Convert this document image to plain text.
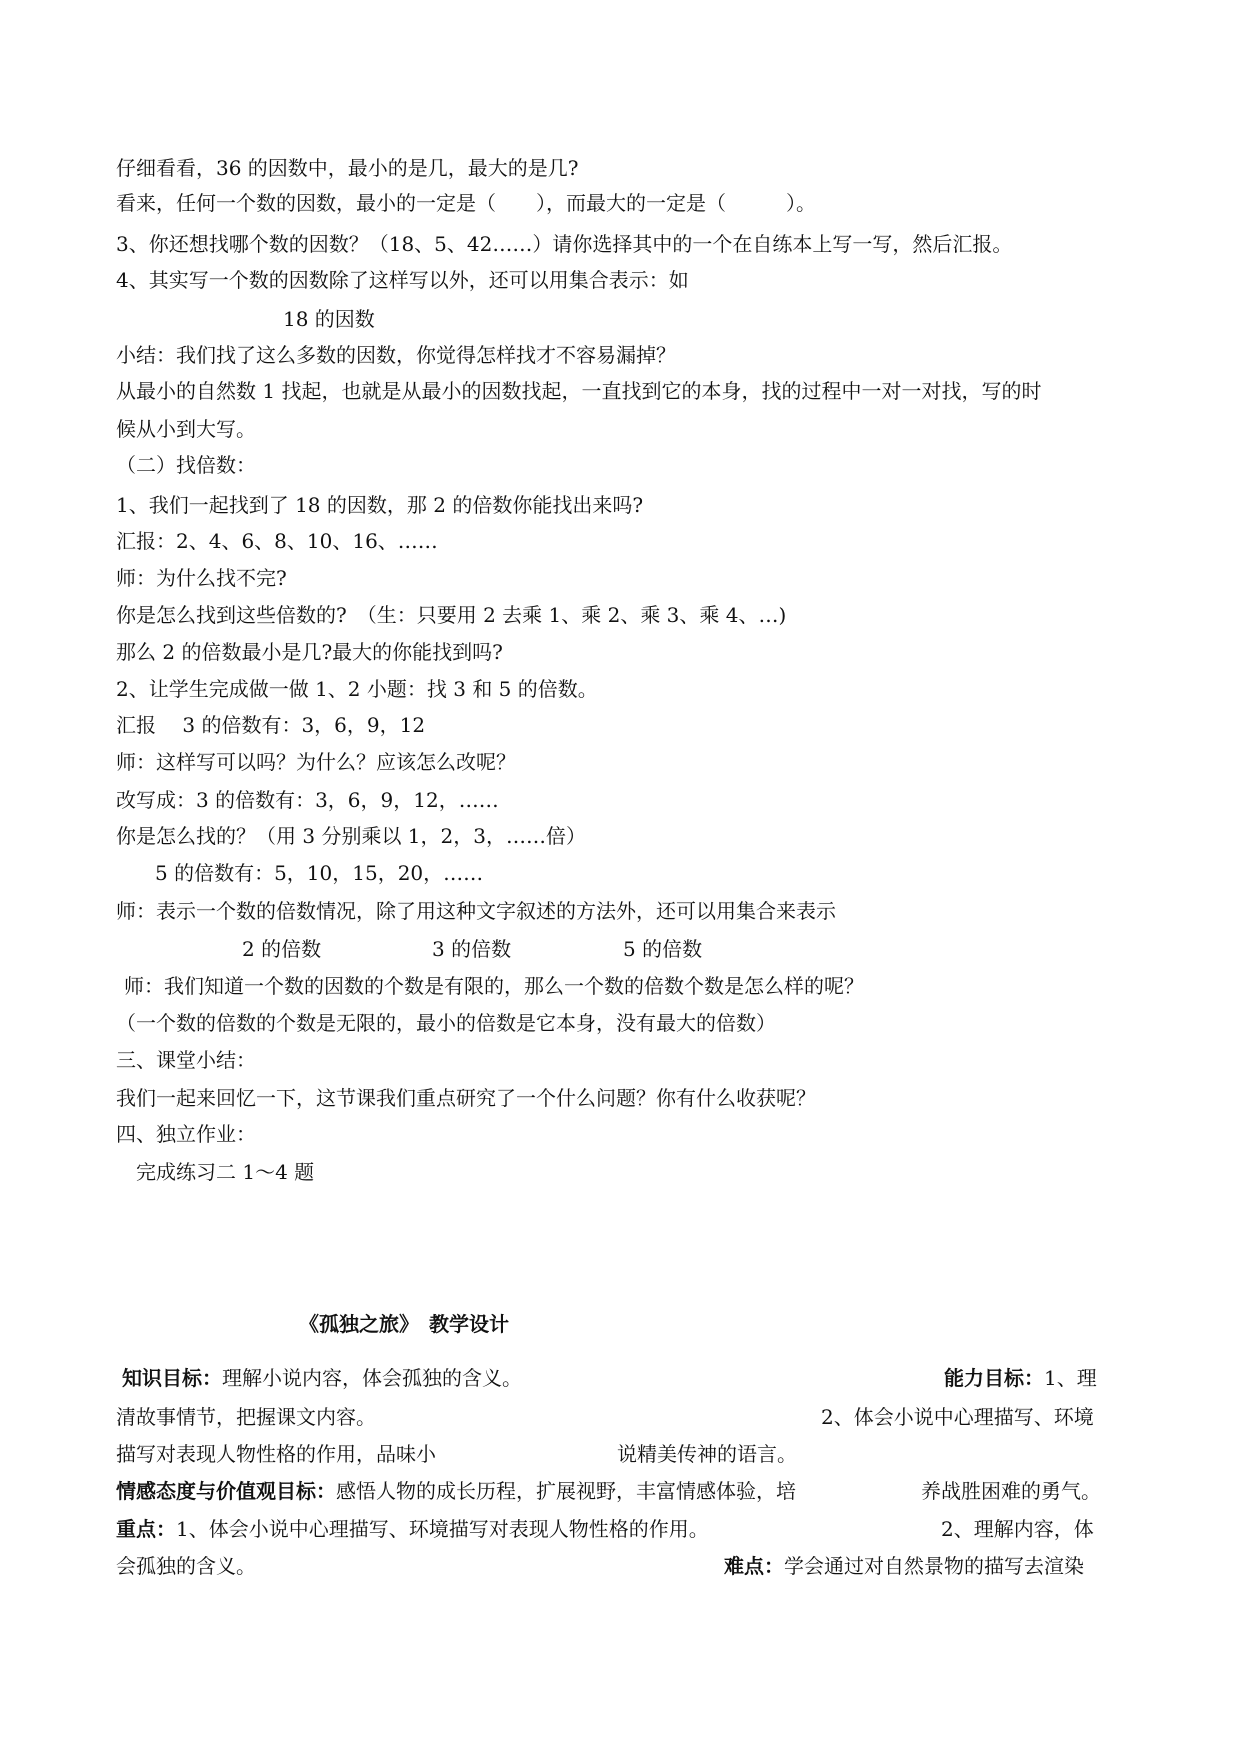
仔细看看，36 的因数中，最小的是几，最大的是几?
看来，任何一个数的因数，最小的一定是（　　），而最大的一定是（　　　）。
3、你还想找哪个数的因数？（18、5、42……）请你选择其中的一个在自练本上写一写，然后汇报。
4、其实写一个数的因数除了这样写以外，还可以用集合表示：如
18 的因数
小结：我们找了这么多数的因数，你觉得怎样找才不容易漏掉？
从最小的自然数 1 找起，也就是从最小的因数找起，一直找到它的本身，找的过程中一对一对找，写的时
候从小到大写。
（二）找倍数：
1、我们一起找到了 18 的因数，那 2 的倍数你能找出来吗?
汇报：2、4、6、8、10、16、……
师：为什么找不完?
你是怎么找到这些倍数的?　（生：只要用 2 去乘 1、乘 2、乘 3、乘 4、…)
那么 2 的倍数最小是几?最大的你能找到吗?
2、让学生完成做一做 1、2 小题：找 3 和 5 的倍数。
汇报　 3 的倍数有：3，6，9，12
师：这样写可以吗？为什么？应该怎么改呢？
改写成：3 的倍数有：3，6，9，12，……
你是怎么找的？（用 3 分别乘以 1，2，3，……倍）
5 的倍数有：5，10，15，20，……
师：表示一个数的倍数情况，除了用这种文字叙述的方法外，还可以用集合来表示
2 的倍数	3 的倍数	5 的倍数
师：我们知道一个数的因数的个数是有限的，那么一个数的倍数个数是怎么样的呢？
（一个数的倍数的个数是无限的，最小的倍数是它本身，没有最大的倍数）
三、课堂小结：
我们一起来回忆一下，这节课我们重点研究了一个什么问题？你有什么收获呢？
四、独立作业：
完成练习二 1～4 题
《孤独之旅》　教学设计
知识目标：理解小说内容，体会孤独的含义。	能力目标：1、理
清故事情节，把握课文内容。	2、体会小说中心理描写、环境
描写对表现人物性格的作用，品味小	说精美传神的语言。
情感态度与价值观目标：感悟人物的成长历程，扩展视野，丰富情感体验，培	养战胜困难的勇气。
重点：1、体会小说中心理描写、环境描写对表现人物性格的作用。	2、理解内容，体
会孤独的含义。	难点：学会通过对自然景物的描写去渲染
